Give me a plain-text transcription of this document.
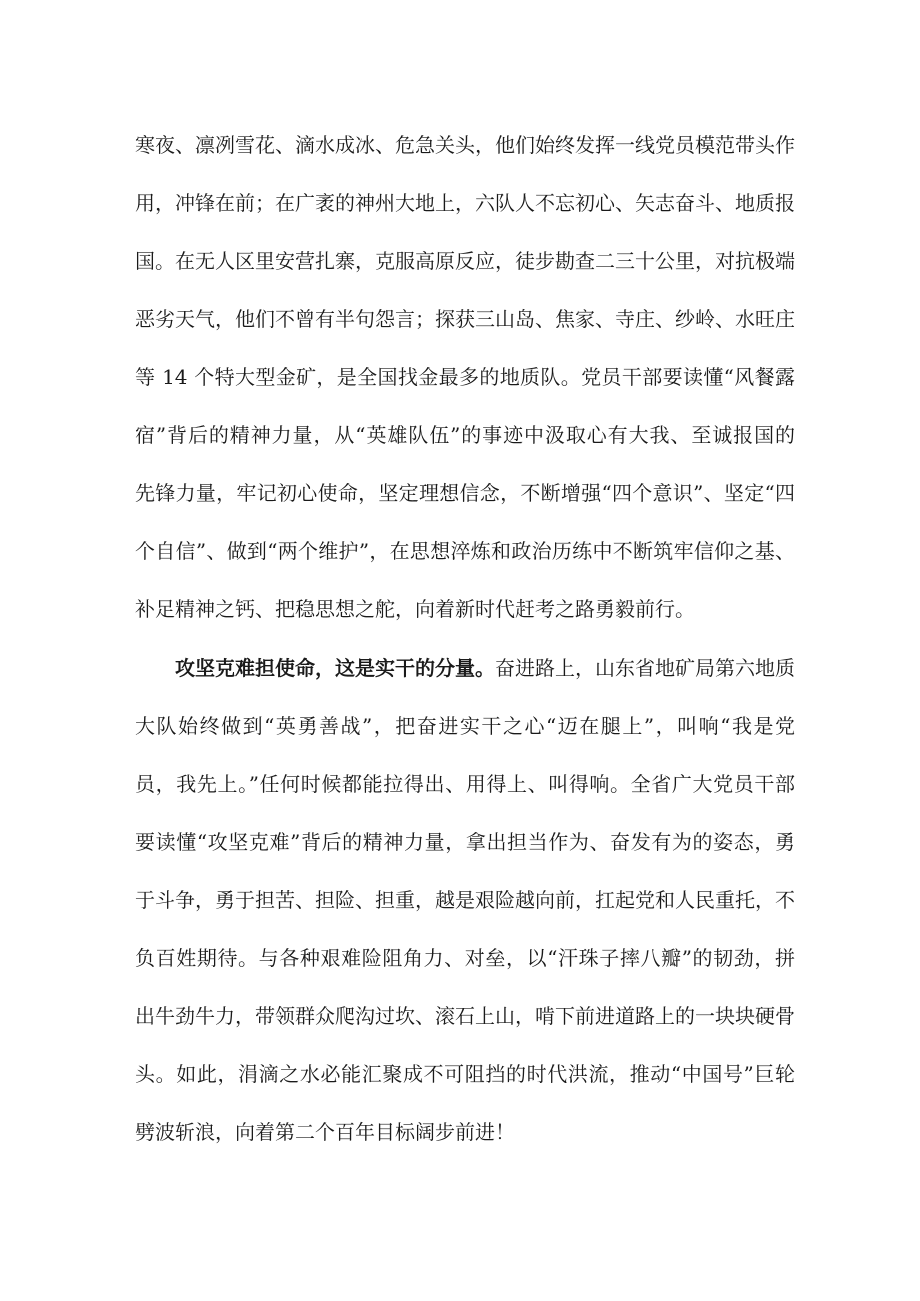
寒夜、凛冽雪花、滴水成冰、危急关头，他们始终发挥一线党员模范带头作
用，冲锋在前；在广袤的神州大地上，六队人不忘初心、矢志奋斗、地质报
国。在无人区里安营扎寨，克服高原反应，徒步勘查二三十公里，对抗极端
恶劣天气，他们不曾有半句怨言；探获三山岛、焦家、寺庄、纱岭、水旺庄
等 14 个特大型金矿，是全国找金最多的地质队。党员干部要读懂“风餐露
宿”背后的精神力量，从“英雄队伍”的事迹中汲取心有大我、至诚报国的
先锋力量，牢记初心使命，坚定理想信念，不断增强“四个意识”、坚定“四
个自信”、做到“两个维护”，在思想淬炼和政治历练中不断筑牢信仰之基、
补足精神之钙、把稳思想之舵，向着新时代赶考之路勇毅前行。
攻坚克难担使命，这是实干的分量。奋进路上，山东省地矿局第六地质
大队始终做到“英勇善战”，把奋进实干之心“迈在腿上”，叫响“我是党
员，我先上。”任何时候都能拉得出、用得上、叫得响。全省广大党员干部
要读懂“攻坚克难”背后的精神力量，拿出担当作为、奋发有为的姿态，勇
于斗争，勇于担苦、担险、担重，越是艰险越向前，扛起党和人民重托，不
负百姓期待。与各种艰难险阻角力、对垒，以“汗珠子摔八瓣”的韧劲，拼
出牛劲牛力，带领群众爬沟过坎、滚石上山，啃下前进道路上的一块块硬骨
头。如此，涓滴之水必能汇聚成不可阻挡的时代洪流，推动“中国号”巨轮
劈波斩浪，向着第二个百年目标阔步前进！
